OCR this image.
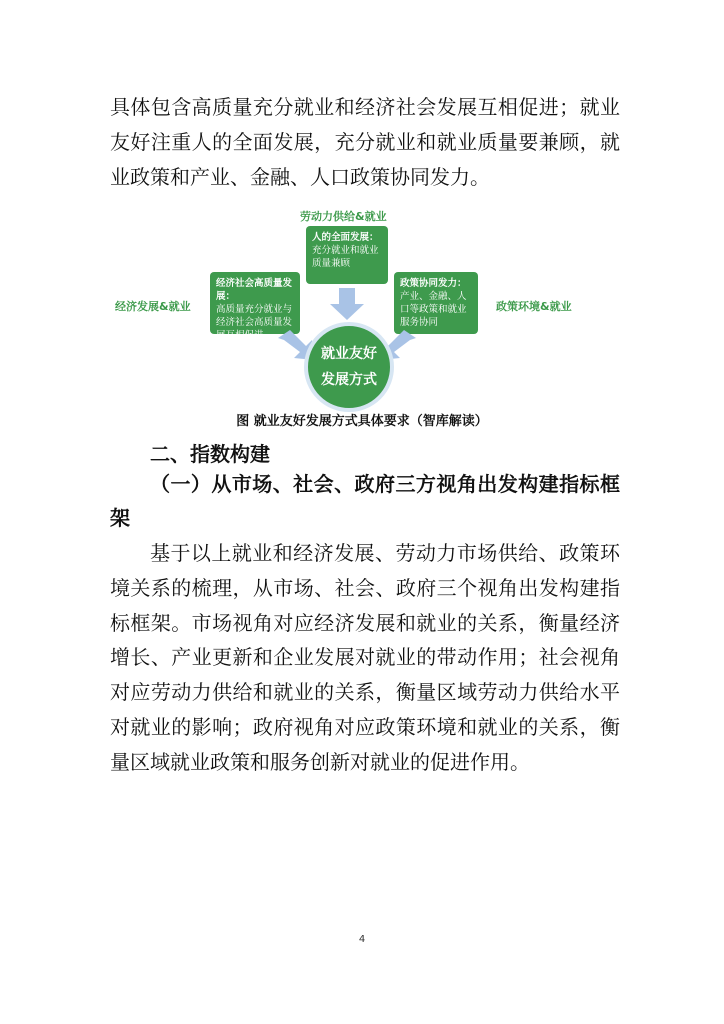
具体包含高质量充分就业和经济社会发展互相促进；就业
友好注重人的全面发展，充分就业和就业质量要兼顾，就
业政策和产业、金融、人口政策协同发力。
劳动力供给&就业
经济发展&就业	政策环境&就业
人的全面发展：
充分就业和就业质量兼顾
经济社会高质量发展：
高质量充分就业与经济社会高质量发展互相促进
政策协同发力：
产业、金融、人口等政策和就业服务协同
就业友好
发展方式
图 就业友好发展方式具体要求（智库解读）
二、指数构建
（一）从市场、社会、政府三方视角出发构建指标框
架
基于以上就业和经济发展、劳动力市场供给、政策环
境关系的梳理，从市场、社会、政府三个视角出发构建指
标框架。市场视角对应经济发展和就业的关系，衡量经济
增长、产业更新和企业发展对就业的带动作用；社会视角
对应劳动力供给和就业的关系，衡量区域劳动力供给水平
对就业的影响；政府视角对应政策环境和就业的关系，衡
量区域就业政策和服务创新对就业的促进作用。
4
